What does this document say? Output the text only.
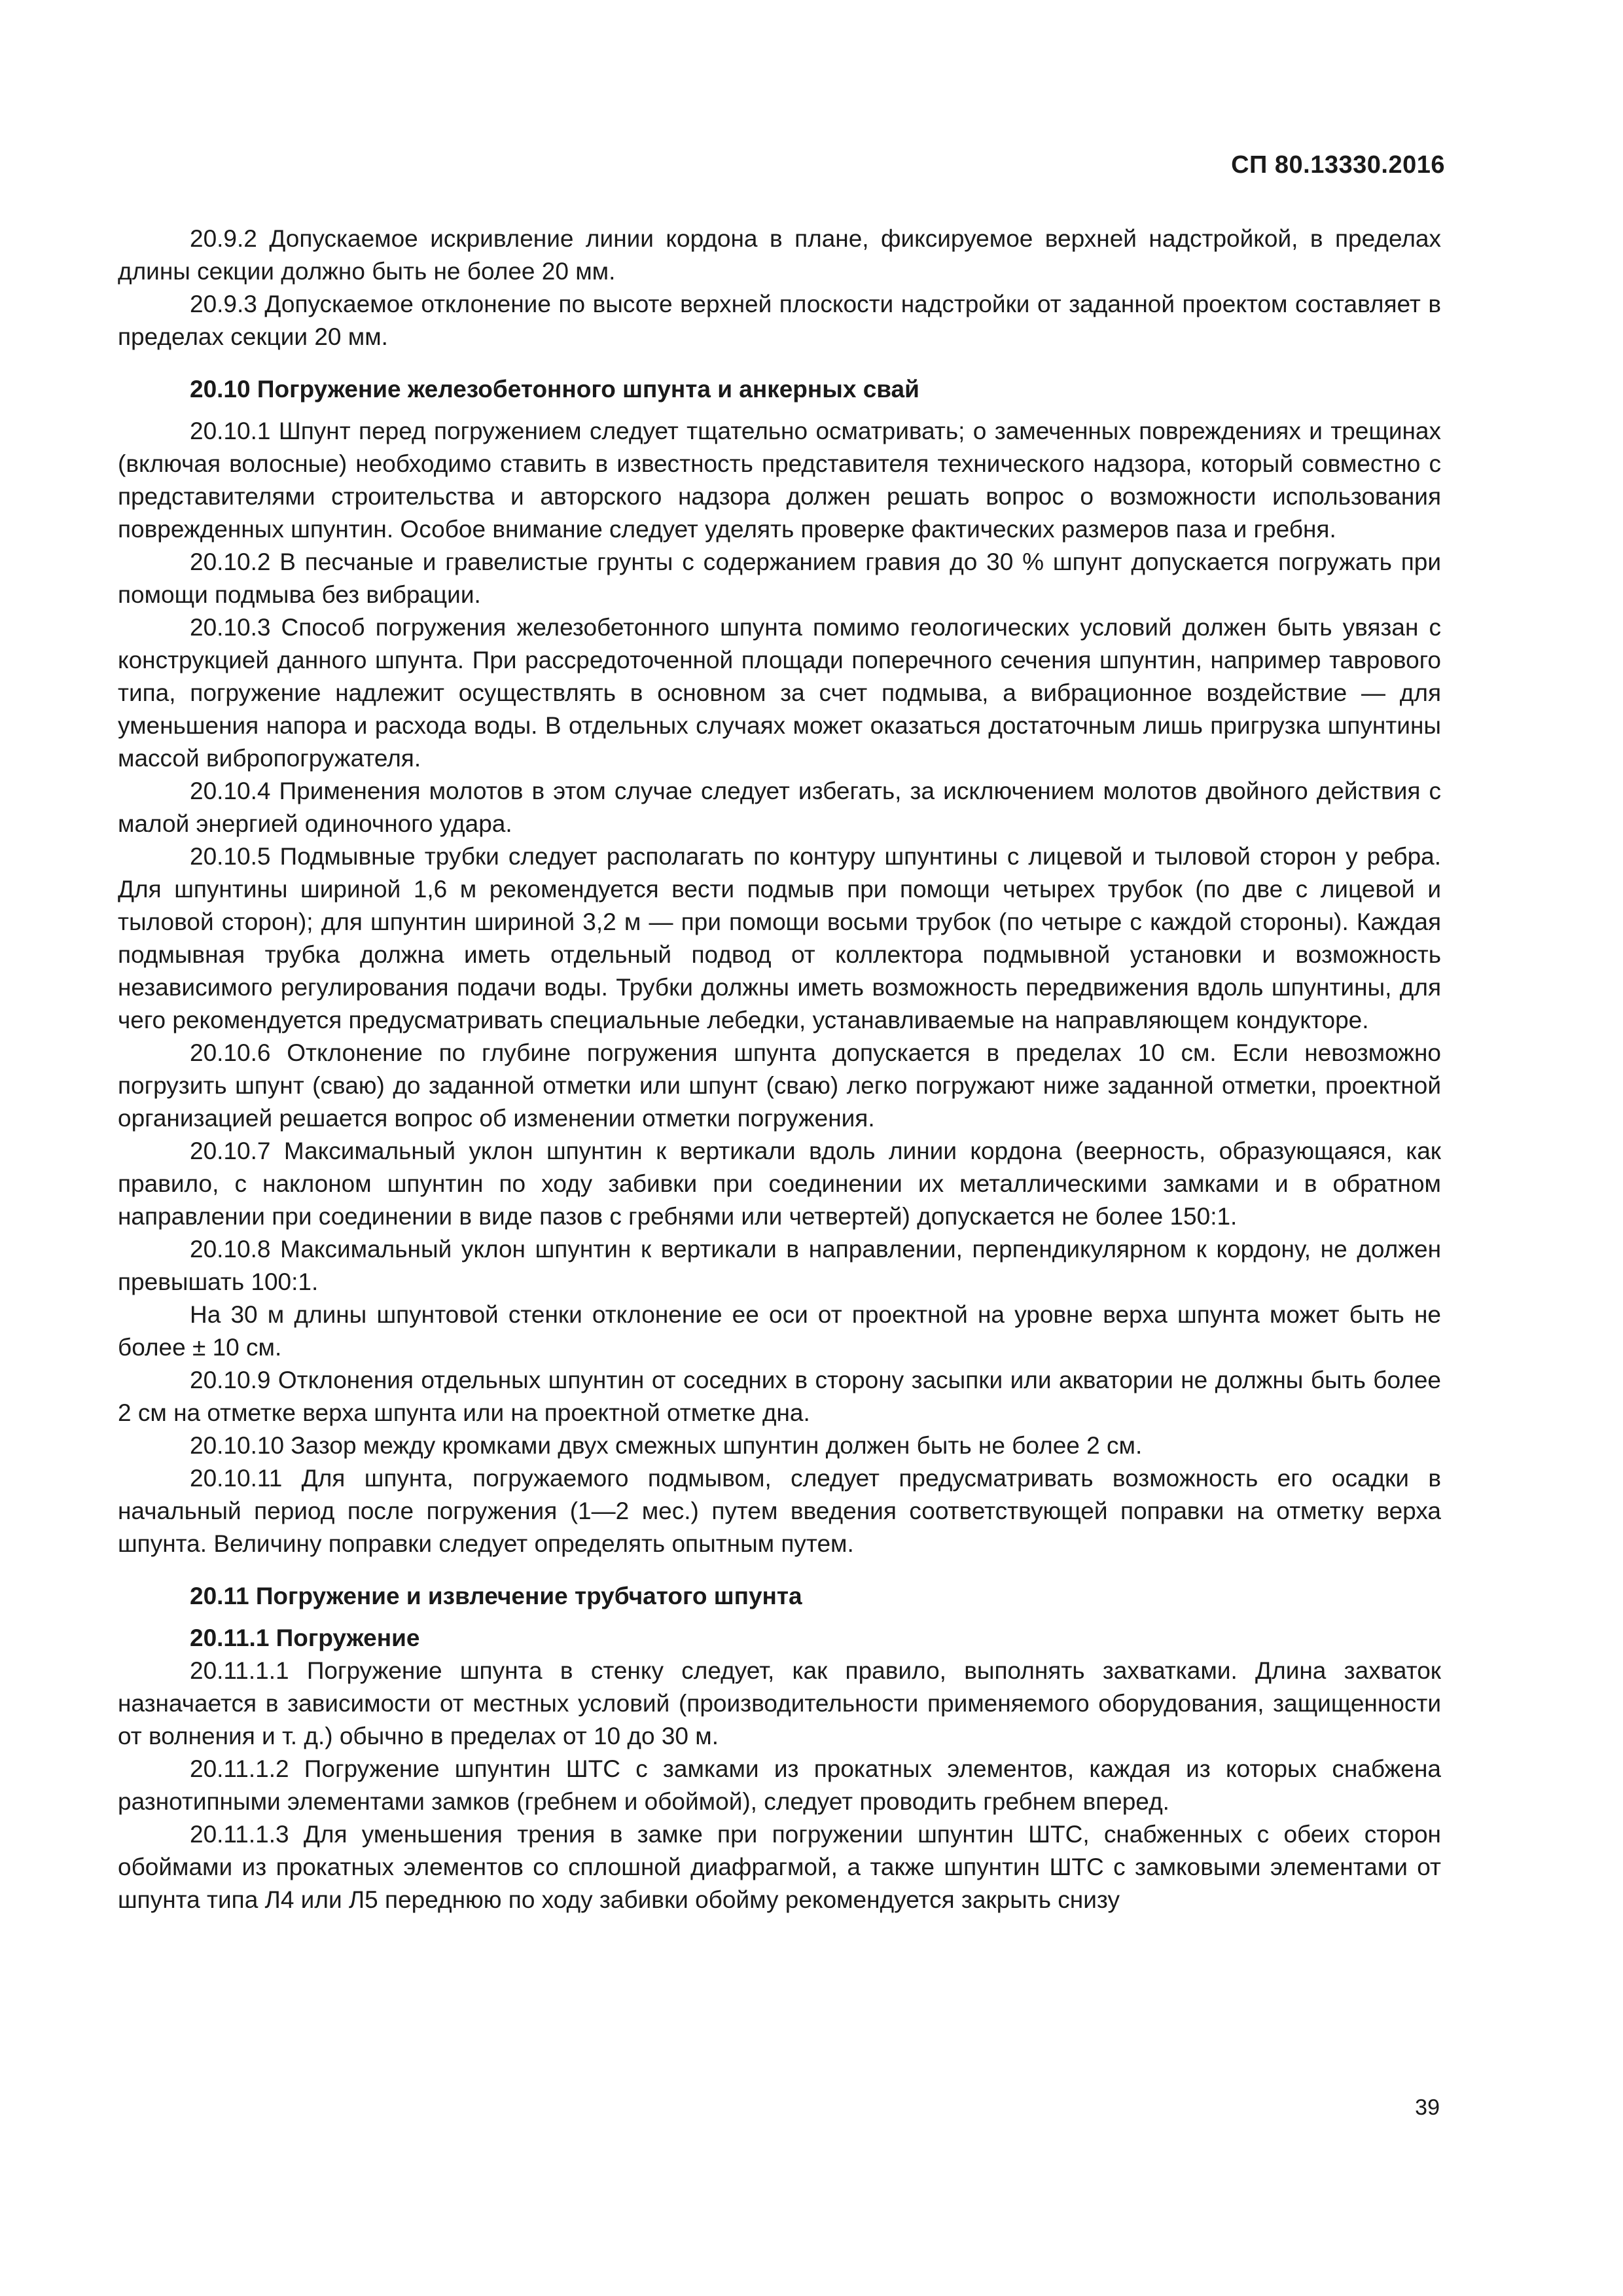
СП 80.13330.2016

20.9.2 Допускаемое искривление линии кордона в плане, фиксируемое верхней надстройкой, в пределах длины секции должно быть не более 20 мм.

20.9.3 Допускаемое отклонение по высоте верхней плоскости надстройки от заданной проектом составляет в пределах секции 20 мм.

20.10 Погружение железобетонного шпунта и анкерных свай

20.10.1 Шпунт перед погружением следует тщательно осматривать; о замеченных повреждениях и трещинах (включая волосные) необходимо ставить в известность представителя технического надзора, который совместно с представителями строительства и авторского надзора должен решать вопрос о возможности использования поврежденных шпунтин. Особое внимание следует уделять проверке фактических размеров паза и гребня.

20.10.2 В песчаные и гравелистые грунты с содержанием гравия до 30 % шпунт допускается погружать при помощи подмыва без вибрации.

20.10.3 Способ погружения железобетонного шпунта помимо геологических условий должен быть увязан с конструкцией данного шпунта. При рассредоточенной площади поперечного сечения шпунтин, например таврового типа, погружение надлежит осуществлять в основном за счет подмыва, а вибрационное воздействие — для уменьшения напора и расхода воды. В отдельных случаях может оказаться достаточным лишь пригрузка шпунтины массой вибропогружателя.

20.10.4 Применения молотов в этом случае следует избегать, за исключением молотов двойного действия с малой энергией одиночного удара.

20.10.5 Подмывные трубки следует располагать по контуру шпунтины с лицевой и тыловой сторон у ребра. Для шпунтины шириной 1,6 м рекомендуется вести подмыв при помощи четырех трубок (по две с лицевой и тыловой сторон); для шпунтин шириной 3,2 м — при помощи восьми трубок (по четыре с каждой стороны). Каждая подмывная трубка должна иметь отдельный подвод от коллектора подмывной установки и возможность независимого регулирования подачи воды. Трубки должны иметь возможность передвижения вдоль шпунтины, для чего рекомендуется предусматривать специальные лебедки, устанавливаемые на направляющем кондукторе.

20.10.6 Отклонение по глубине погружения шпунта допускается в пределах 10 см. Если невозможно погрузить шпунт (сваю) до заданной отметки или шпунт (сваю) легко погружают ниже заданной отметки, проектной организацией решается вопрос об изменении отметки погружения.

20.10.7 Максимальный уклон шпунтин к вертикали вдоль линии кордона (веерность, образующаяся, как правило, с наклоном шпунтин по ходу забивки при соединении их металлическими замками и в обратном направлении при соединении в виде пазов с гребнями или четвертей) допускается не более 150:1.

20.10.8 Максимальный уклон шпунтин к вертикали в направлении, перпендикулярном к кордону, не должен превышать 100:1.

На 30 м длины шпунтовой стенки отклонение ее оси от проектной на уровне верха шпунта может быть не более ± 10 см.

20.10.9 Отклонения отдельных шпунтин от соседних в сторону засыпки или акватории не должны быть более 2 см на отметке верха шпунта или на проектной отметке дна.

20.10.10 Зазор между кромками двух смежных шпунтин должен быть не более 2 см.

20.10.11 Для шпунта, погружаемого подмывом, следует предусматривать возможность его осадки в начальный период после погружения (1—2 мес.) путем введения соответствующей поправки на отметку верха шпунта. Величину поправки следует определять опытным путем.

20.11 Погружение и извлечение трубчатого шпунта

20.11.1 Погружение

20.11.1.1 Погружение шпунта в стенку следует, как правило, выполнять захватками. Длина захваток назначается в зависимости от местных условий (производительности применяемого оборудования, защищенности от волнения и т. д.) обычно в пределах от 10 до 30 м.

20.11.1.2 Погружение шпунтин ШТС с замками из прокатных элементов, каждая из которых снабжена разнотипными элементами замков (гребнем и обоймой), следует проводить гребнем вперед.

20.11.1.3 Для уменьшения трения в замке при погружении шпунтин ШТС, снабженных с обеих сторон обоймами из прокатных элементов со сплошной диафрагмой, а также шпунтин ШТС с замковыми элементами от шпунта типа Л4 или Л5 переднюю по ходу забивки обойму рекомендуется закрыть снизу

39
